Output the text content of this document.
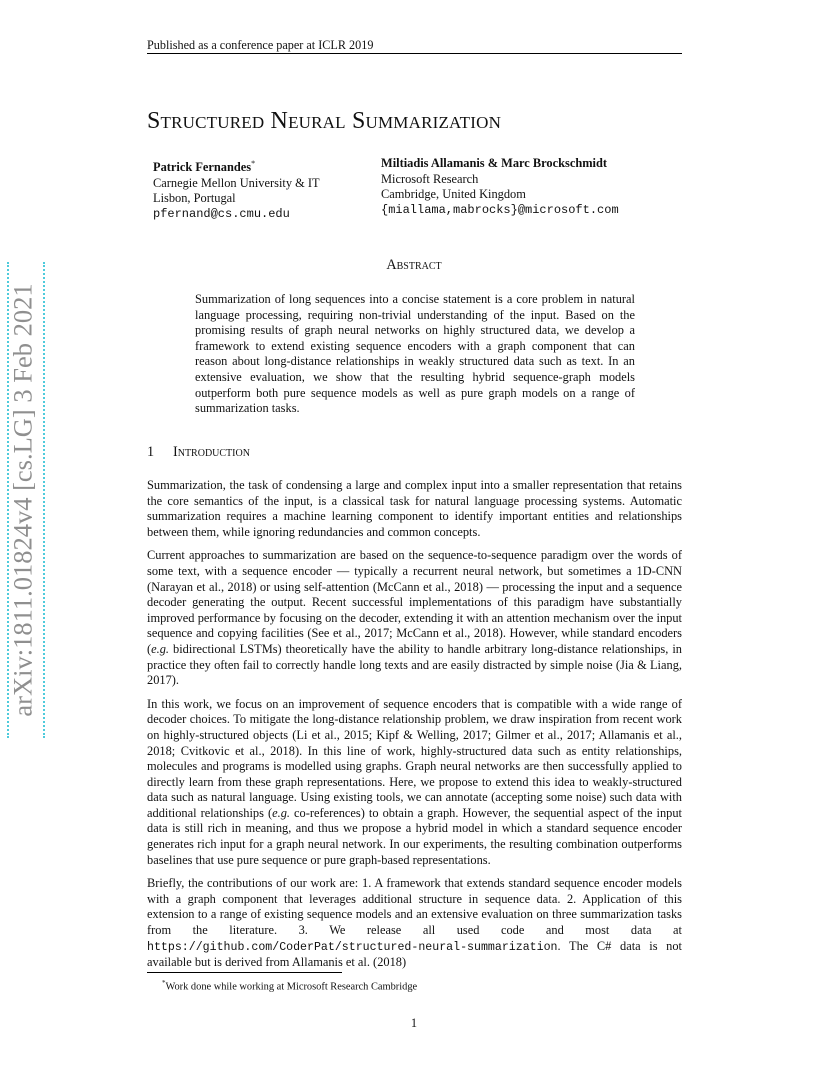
Published as a conference paper at ICLR 2019
Structured Neural Summarization
Patrick Fernandes*
Carnegie Mellon University & IT
Lisbon, Portugal
pfernand@cs.cmu.edu
Miltiadis Allamanis & Marc Brockschmidt
Microsoft Research
Cambridge, United Kingdom
{miallama,mabrocks}@microsoft.com
Abstract
Summarization of long sequences into a concise statement is a core problem in natural language processing, requiring non-trivial understanding of the input. Based on the promising results of graph neural networks on highly structured data, we develop a framework to extend existing sequence encoders with a graph component that can reason about long-distance relationships in weakly structured data such as text. In an extensive evaluation, we show that the resulting hybrid sequence-graph models outperform both pure sequence models as well as pure graph models on a range of summarization tasks.
1 Introduction

Summarization, the task of condensing a large and complex input into a smaller representation that retains the core semantics of the input, is a classical task for natural language processing systems. Automatic summarization requires a machine learning component to identify important entities and relationships between them, while ignoring redundancies and common concepts.

Current approaches to summarization are based on the sequence-to-sequence paradigm over the words of some text, with a sequence encoder — typically a recurrent neural network, but sometimes a 1D-CNN (Narayan et al., 2018) or using self-attention (McCann et al., 2018) — processing the input and a sequence decoder generating the output. Recent successful implementations of this paradigm have substantially improved performance by focusing on the decoder, extending it with an attention mechanism over the input sequence and copying facilities (See et al., 2017; McCann et al., 2018). However, while standard encoders (e.g. bidirectional LSTMs) theoretically have the ability to handle arbitrary long-distance relationships, in practice they often fail to correctly handle long texts and are easily distracted by simple noise (Jia & Liang, 2017).

In this work, we focus on an improvement of sequence encoders that is compatible with a wide range of decoder choices. To mitigate the long-distance relationship problem, we draw inspiration from recent work on highly-structured objects (Li et al., 2015; Kipf & Welling, 2017; Gilmer et al., 2017; Allamanis et al., 2018; Cvitkovic et al., 2018). In this line of work, highly-structured data such as entity relationships, molecules and programs is modelled using graphs. Graph neural networks are then successfully applied to directly learn from these graph representations. Here, we propose to extend this idea to weakly-structured data such as natural language. Using existing tools, we can annotate (accepting some noise) such data with additional relationships (e.g. co-references) to obtain a graph. However, the sequential aspect of the input data is still rich in meaning, and thus we propose a hybrid model in which a standard sequence encoder generates rich input for a graph neural network. In our experiments, the resulting combination outperforms baselines that use pure sequence or pure graph-based representations.

Briefly, the contributions of our work are: 1. A framework that extends standard sequence encoder models with a graph component that leverages additional structure in sequence data. 2. Application of this extension to a range of existing sequence models and an extensive evaluation on three summarization tasks from the literature. 3. We release all used code and most data at https://github.com/CoderPat/structured-neural-summarization. The C# data is not available but is derived from Allamanis et al. (2018)

*Work done while working at Microsoft Research Cambridge
1
arXiv:1811.01824v4 [cs.LG] 3 Feb 2021
